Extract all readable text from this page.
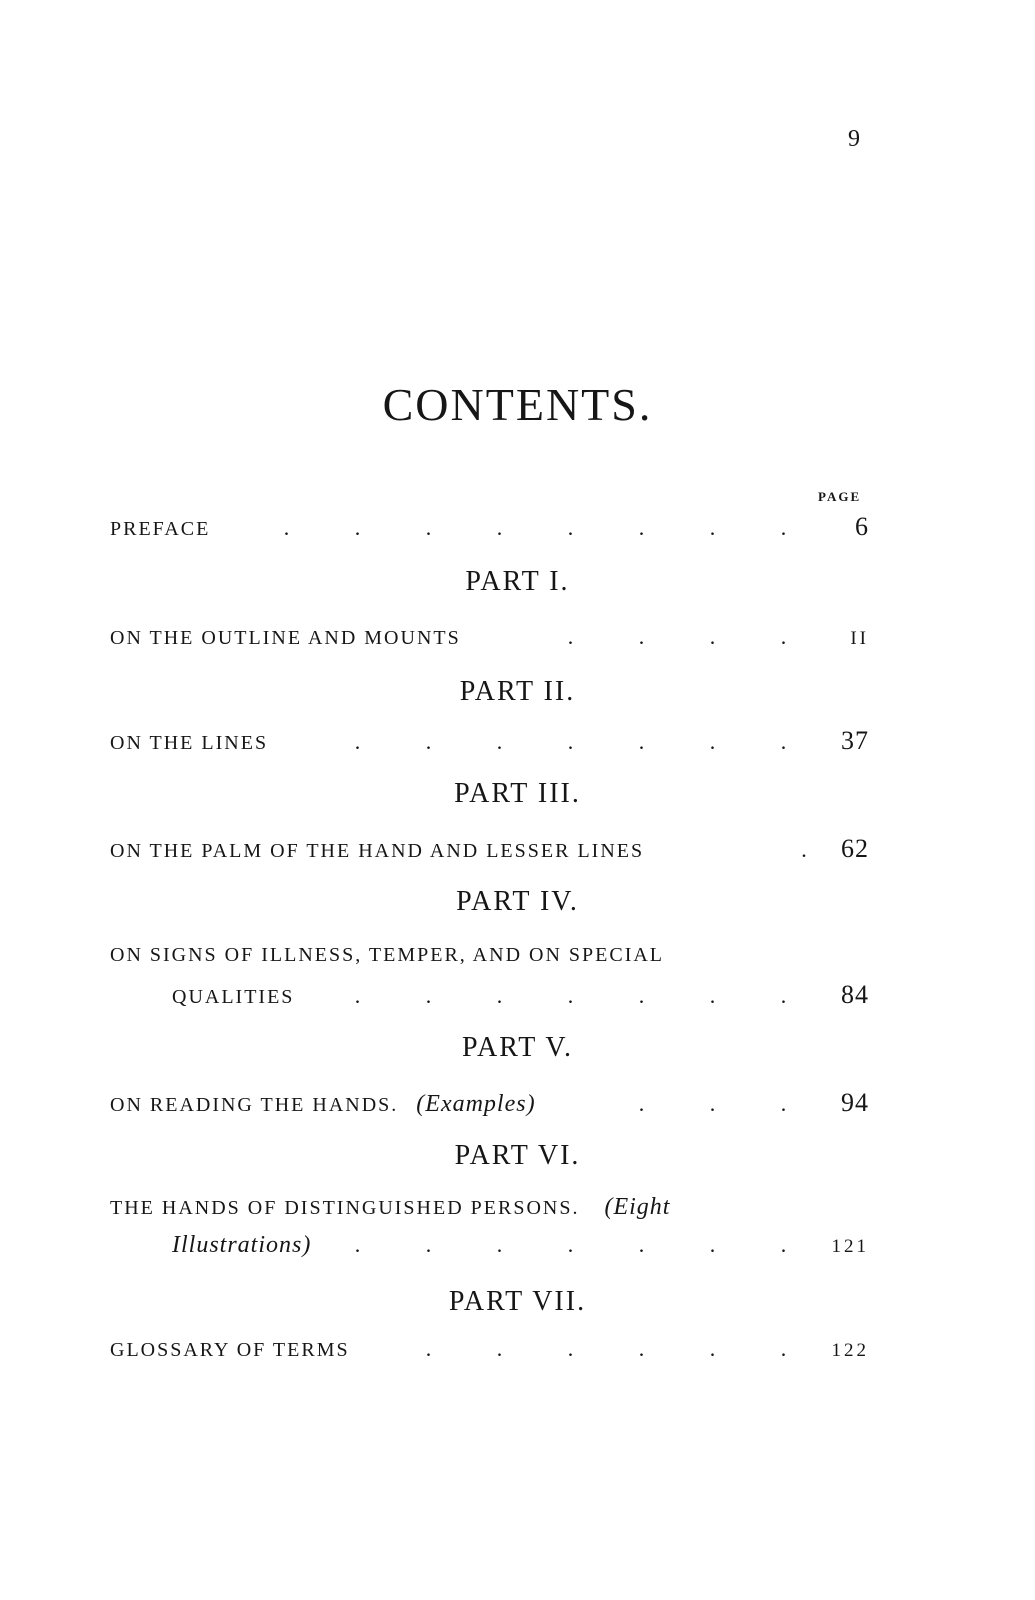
9
CONTENTS.
PAGE
PREFACE	.	.	.	.	.	.	.	.	6
PART I.
ON THE OUTLINE AND MOUNTS	.	.	.	.	II
PART II.
ON THE LINES	.	.	.	.	.	.	.	37
PART III.
ON THE PALM OF THE HAND AND LESSER LINES	.	62
PART IV.
ON SIGNS OF ILLNESS, TEMPER, AND ON SPECIAL
QUALITIES	.	.	.	.	.	.	.	84
PART V.
ON READING THE HANDS. (Examples)	.	.	.	94
PART VI.
THE HANDS OF DISTINGUISHED PERSONS. (Eight
Illustrations)	.	.	.	.	.	.	.	121
PART VII.
GLOSSARY OF TERMS	.	.	.	.	.	.	122
